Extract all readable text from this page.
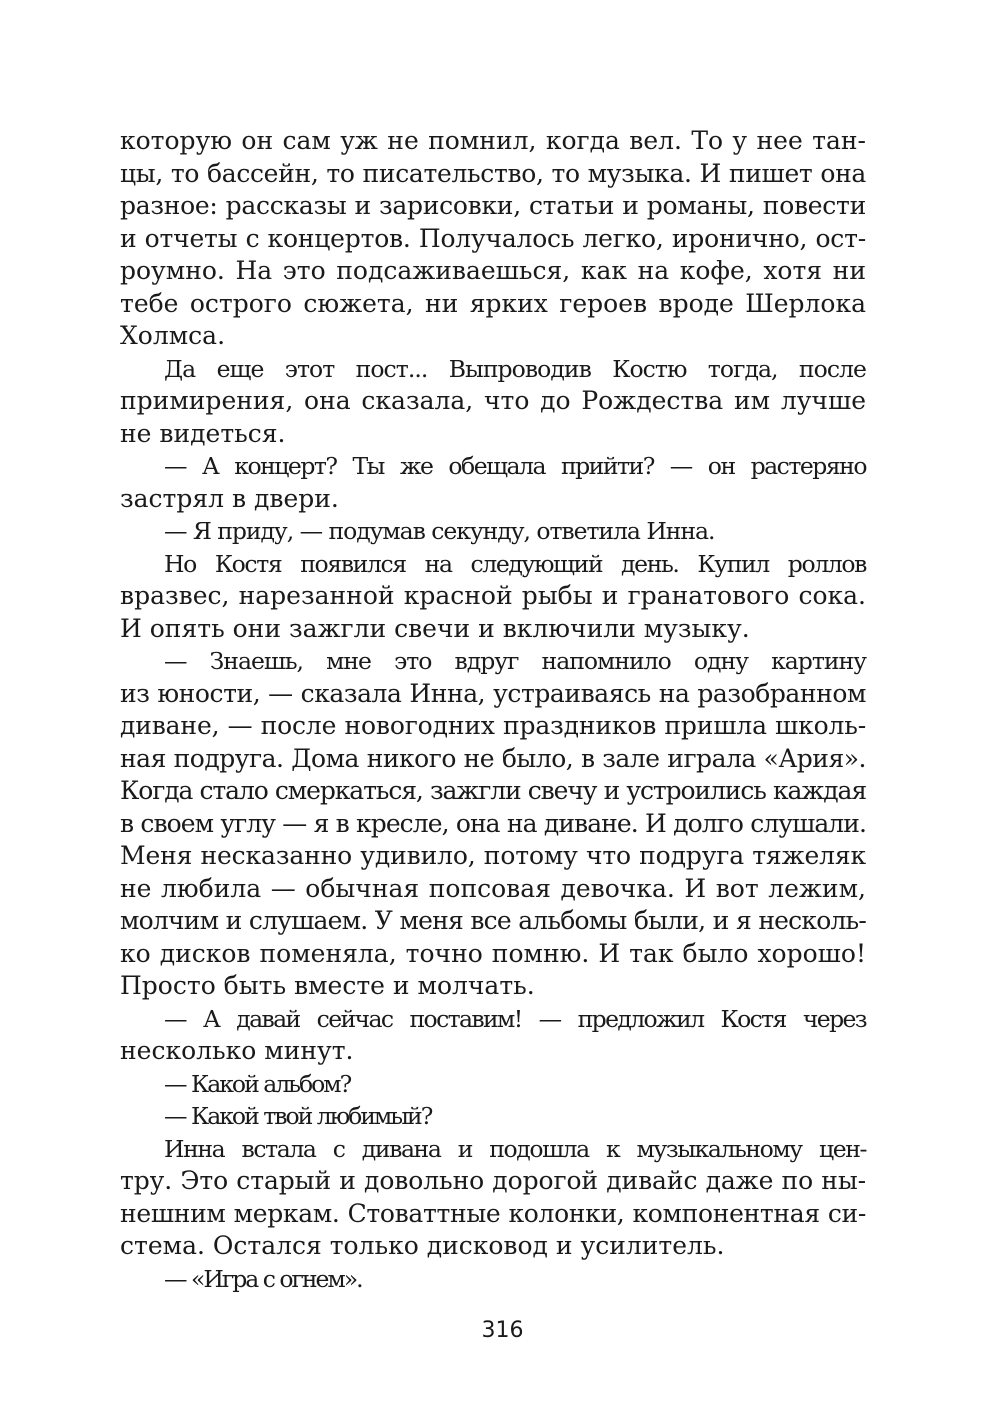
которую он сам уж не помнил, когда вел. То у нее тан-
цы, то бассейн, то писательство, то музыка. И пишет она
разное: рассказы и зарисовки, статьи и романы, повести
и отчеты с концертов. Получалось легко, иронично, ост-
роумно. На это подсаживаешься, как на кофе, хотя ни
тебе острого сюжета, ни ярких героев вроде Шерлока
Холмса.

Да еще этот пост... Выпроводив Костю тогда, после
примирения, она сказала, что до Рождества им лучше
не видеться.

— А концерт? Ты же обещала прийти? — он растеряно
застрял в двери.

— Я приду, — подумав секунду, ответила Инна.

Но Костя появился на следующий день. Купил роллов
вразвес, нарезанной красной рыбы и гранатового сока.
И опять они зажгли свечи и включили музыку.

— Знаешь, мне это вдруг напомнило одну картину
из юности, — сказала Инна, устраиваясь на разобранном
диване, — после новогодних праздников пришла школь-
ная подруга. Дома никого не было, в зале играла «Ария».
Когда стало смеркаться, зажгли свечу и устроились каждая
в своем углу — я в кресле, она на диване. И долго слушали.
Меня несказанно удивило, потому что подруга тяжеляк
не любила — обычная попсовая девочка. И вот лежим,
молчим и слушаем. У меня все альбомы были, и я несколь-
ко дисков поменяла, точно помню. И так было хорошо!
Просто быть вместе и молчать.

— А давай сейчас поставим! — предложил Костя через
несколько минут.

— Какой альбом?

— Какой твой любимый?

Инна встала с дивана и подошла к музыкальному цен-
тру. Это старый и довольно дорогой дивайс даже по ны-
нешним меркам. Стоваттные колонки, компонентная си-
стема. Остался только дисковод и усилитель.

— «Игра с огнем».

316
